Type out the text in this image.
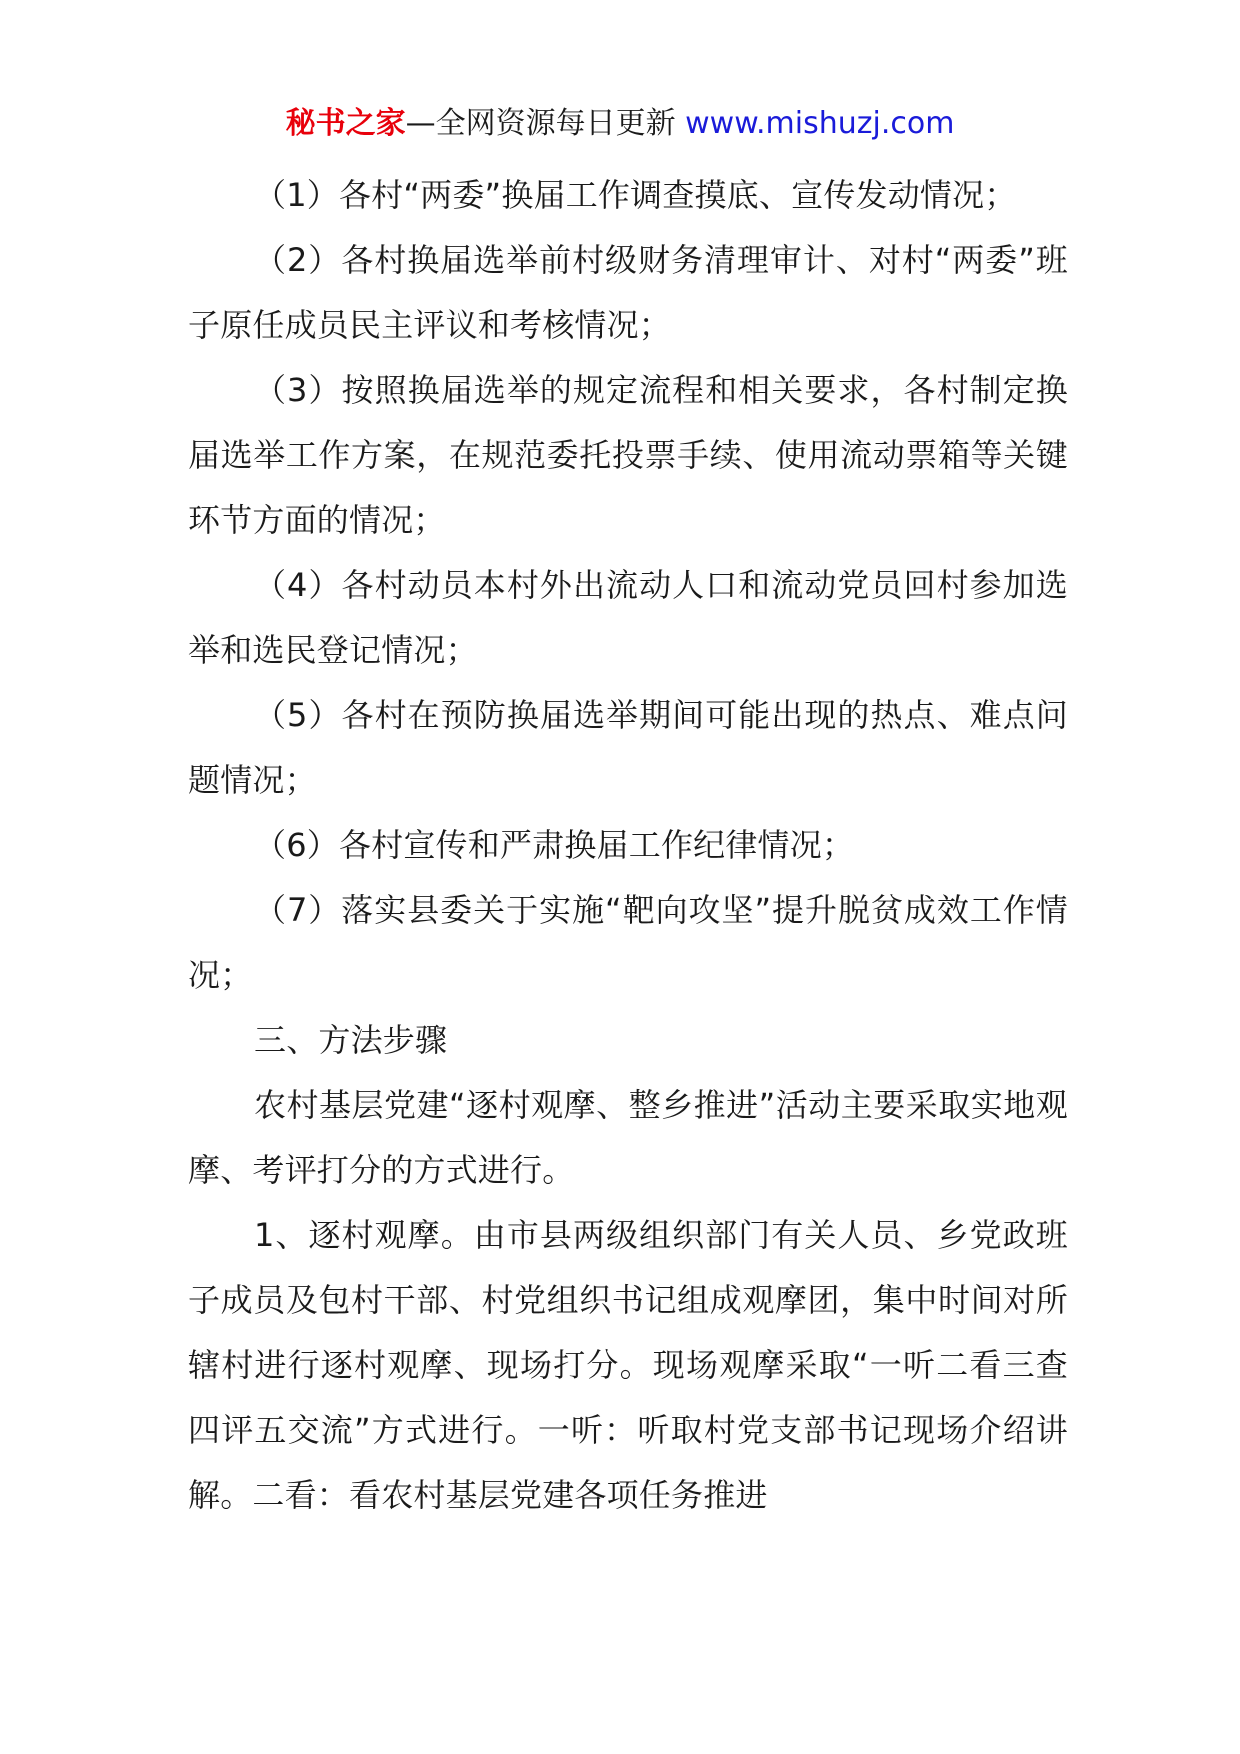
秘书之家—全网资源每日更新 www.mishuzj.com

（1）各村“两委”换届工作调查摸底、宣传发动情况；

（2）各村换届选举前村级财务清理审计、对村“两委”班子原任成员民主评议和考核情况；

（3）按照换届选举的规定流程和相关要求，各村制定换届选举工作方案，在规范委托投票手续、使用流动票箱等关键环节方面的情况；

（4）各村动员本村外出流动人口和流动党员回村参加选举和选民登记情况；

（5）各村在预防换届选举期间可能出现的热点、难点问题情况；

（6）各村宣传和严肃换届工作纪律情况；

（7）落实县委关于实施“靶向攻坚”提升脱贫成效工作情况；

三、方法步骤

农村基层党建“逐村观摩、整乡推进”活动主要采取实地观摩、考评打分的方式进行。

1、逐村观摩。由市县两级组织部门有关人员、乡党政班子成员及包村干部、村党组织书记组成观摩团，集中时间对所辖村进行逐村观摩、现场打分。现场观摩采取“一听二看三查四评五交流”方式进行。一听：听取村党支部书记现场介绍讲解。二看：看农村基层党建各项任务推进
